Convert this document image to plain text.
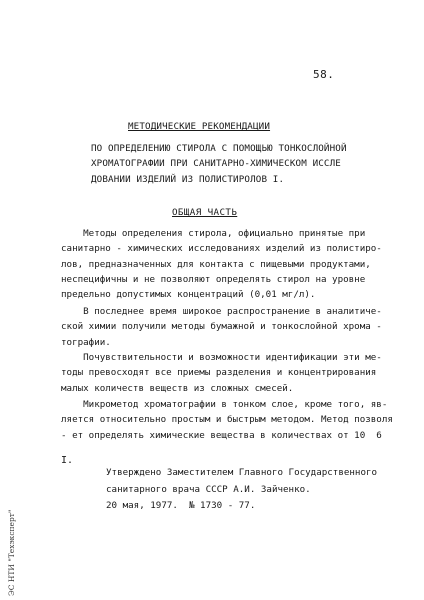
58.
МЕТОДИЧЕСКИЕ РЕКОМЕНДАЦИИ
ПО ОПРЕДЕЛЕНИЮ СТИРОЛА С ПОМОЩЬЮ ТОНКОСЛОЙНОЙ
ХРОМАТОГРАФИИ ПРИ САНИТАРНО-ХИМИЧЕСКОМ ИССЛЕ
ДОВАНИИ ИЗДЕЛИЙ ИЗ ПОЛИСТИРОЛОВ I.
ОБЩАЯ ЧАСТЬ
Методы определения стирола, официально принятые при
санитарно - химических исследованиях изделий из полистиро-
лов, предназначенных для контакта с пищевыми продуктами,
неспецифичны и не позволяют определять стирол на уровне
предельно допустимых концентраций (0,01 мг/л).
В последнее время широкое распространение в аналитиче-
ской химии получили методы бумажной и тонкослойной хрома -
тографии.
Почувствительности и возможности идентификации эти ме-
тоды превосходят все приемы разделения и концентрирования
малых количеств веществ из сложных смесей.
Микрометод хроматографии в тонком слое, кроме того, яв-
ляется относительно простым и быстрым методом. Метод позволя
- ет определять химические вещества в количествах от 10  6
I.
Утверждено Заместителем Главного Государственного
санитарного врача СССР А.И. Зайченко.
20 мая, 1977.  № 1730 - 77.
ЭС НТИ "Техэксперт"
